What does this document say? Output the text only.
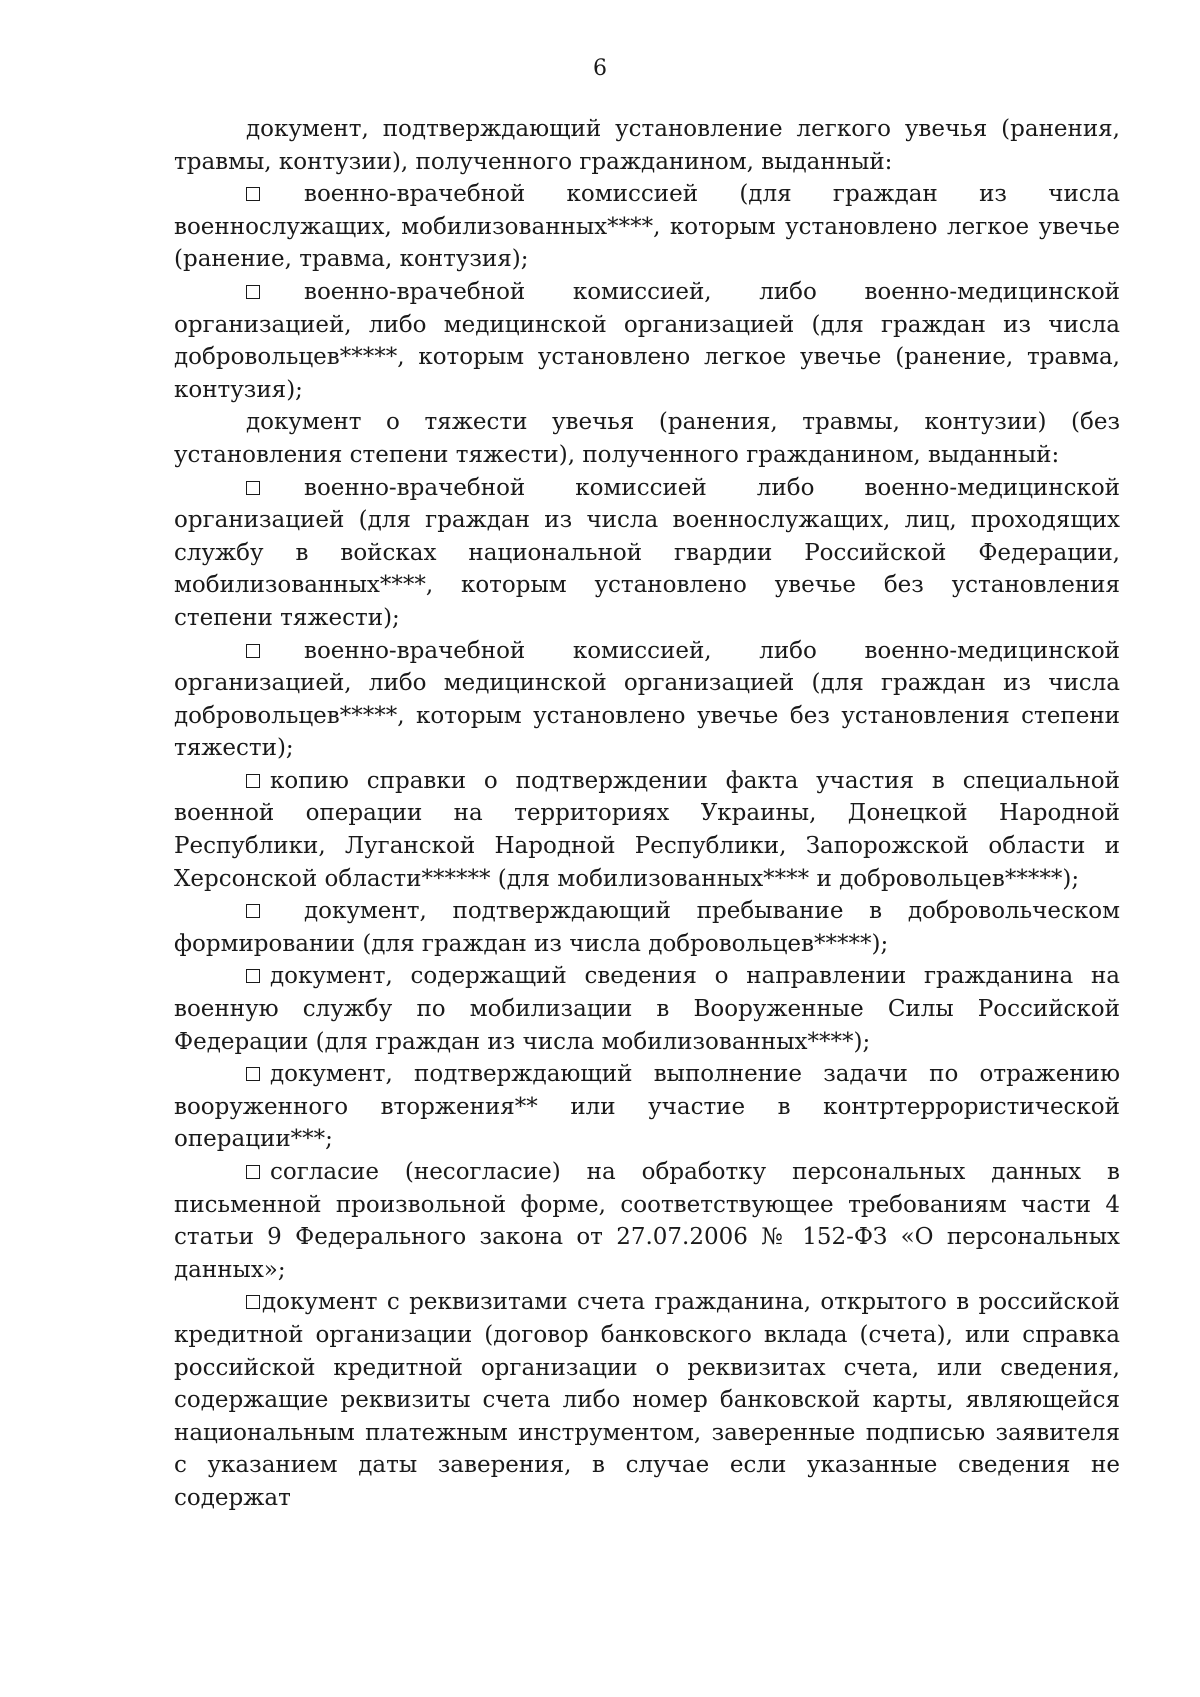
6

документ, подтверждающий установление легкого увечья (ранения, травмы, контузии), полученного гражданином, выданный:

военно-врачебной комиссией (для граждан из числа военнослужащих, мобилизованных****, которым установлено легкое увечье (ранение, травма, контузия);

военно-врачебной комиссией, либо военно-медицинской организацией, либо медицинской организацией (для граждан из числа добровольцев*****, которым установлено легкое увечье (ранение, травма, контузия);

документ о тяжести увечья (ранения, травмы, контузии) (без установления степени тяжести), полученного гражданином, выданный:

военно-врачебной комиссией либо военно-медицинской организацией (для граждан из числа военнослужащих, лиц, проходящих службу в войсках национальной гвардии Российской Федерации, мобилизованных****, которым установлено увечье без установления степени тяжести);

военно-врачебной комиссией, либо военно-медицинской организацией, либо медицинской организацией (для граждан из числа добровольцев*****, которым установлено увечье без установления степени тяжести);

копию справки о подтверждении факта участия в специальной военной операции на территориях Украины, Донецкой Народной Республики, Луганской Народной Республики, Запорожской области и Херсонской области****** (для мобилизованных**** и добровольцев*****);

документ, подтверждающий пребывание в добровольческом формировании (для граждан из числа добровольцев*****);

документ, содержащий сведения о направлении гражданина на военную службу по мобилизации в Вооруженные Силы Российской Федерации (для граждан из числа мобилизованных****);

документ, подтверждающий выполнение задачи по отражению вооруженного вторжения** или участие в контртеррористической операции***;

согласие (несогласие) на обработку персональных данных в письменной произвольной форме, соответствующее требованиям части 4 статьи 9 Федерального закона от 27.07.2006 № 152-ФЗ «О персональных данных»;

документ с реквизитами счета гражданина, открытого в российской кредитной организации (договор банковского вклада (счета), или справка российской кредитной организации о реквизитах счета, или сведения, содержащие реквизиты счета либо номер банковской карты, являющейся национальным платежным инструментом, заверенные подписью заявителя с указанием даты заверения, в случае если указанные сведения не содержат
